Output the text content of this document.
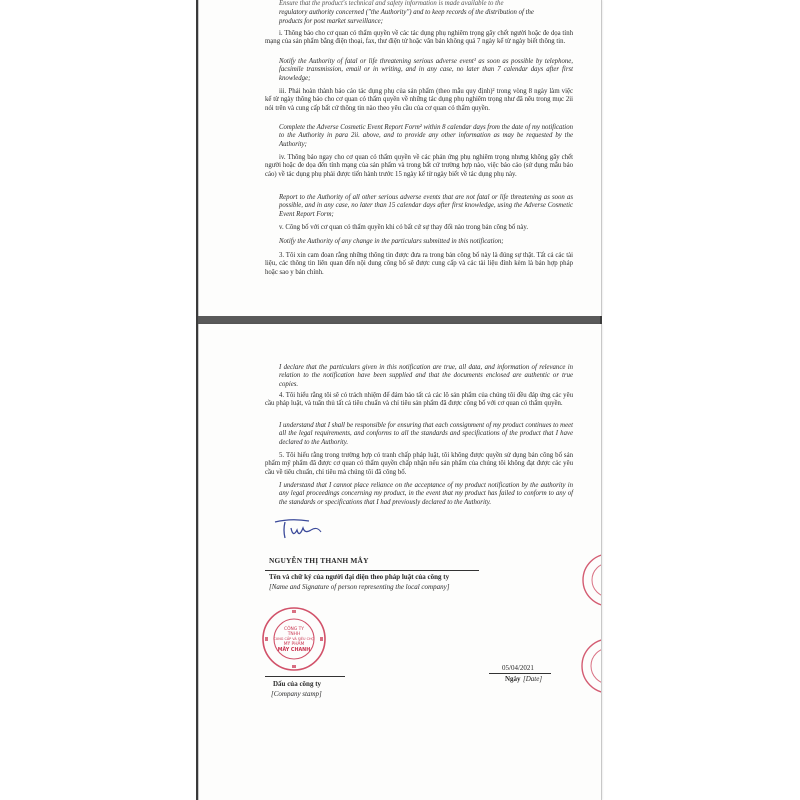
Ensure that the product's technical and safety information is made available to the

regulatory authority concerned ("the Authority") and to keep records of the distribution of the

products for post market surveillance;

i. Thông báo cho cơ quan có thẩm quyền về các tác dụng phụ nghiêm trọng gây chết người hoặc đe dọa tính mạng của sản phẩm bằng điện thoại, fax, thư điện tử hoặc văn bản không quá 7 ngày kể từ ngày biết thông tin.

Notify the Authority of fatal or life threatening serious adverse event¹ as soon as possible by telephone, facsimile transmission, email or in writing, and in any case, no later than 7 calendar days after first knowledge;

iii. Phải hoàn thành báo cáo tác dụng phụ của sản phẩm (theo mẫu quy định)² trong vòng 8 ngày làm việc kể từ ngày thông báo cho cơ quan có thẩm quyền về những tác dụng phụ nghiêm trọng như đã nêu trong mục 2ii nói trên và cung cấp bất cứ thông tin nào theo yêu cầu của cơ quan có thẩm quyền.

Complete the Adverse Cosmetic Event Report Form² within 8 calendar days from the date of my notification to the Authority in para 2ii. above, and to provide any other information as may be requested by the Authority;

iv. Thông báo ngay cho cơ quan có thẩm quyền về các phản ứng phụ nghiêm trọng nhưng không gây chết người hoặc đe dọa đến tính mạng của sản phẩm và trong bất cứ trường hợp nào, việc báo cáo (sử dụng mẫu báo cáo) về tác dụng phụ phải được tiến hành trước 15 ngày kể từ ngày biết về tác dụng phụ này.

Report to the Authority of all other serious adverse events that are not fatal or life threatening as soon as possible, and in any case, no later than 15 calendar days after first knowledge, using the Adverse Cosmetic Event Report Form;

v. Công bố với cơ quan có thẩm quyền khi có bất cứ sự thay đổi nào trong bản công bố này.

Notify the Authority of any change in the particulars submitted in this notification;

3. Tôi xin cam đoan rằng những thông tin được đưa ra trong bản công bố này là đúng sự thật. Tất cả các tài liệu, các thông tin liên quan đến nội dung công bố sẽ được cung cấp và các tài liệu đính kèm là bản hợp pháp hoặc sao y bản chính.

I declare that the particulars given in this notification are true, all data, and information of relevance in relation to the notification have been supplied and that the documents enclosed are authentic or true copies.

4. Tôi hiểu rằng tôi sẽ có trách nhiệm để đảm bảo tất cả các lô sản phẩm của chúng tôi đều đáp ứng các yêu cầu pháp luật, và tuân thủ tất cả tiêu chuẩn và chỉ tiêu sản phẩm đã được công bố với cơ quan có thẩm quyền.

I understand that I shall be responsible for ensuring that each consignment of my product continues to meet all the legal requirements, and conforms to all the standards and specifications of the product that I have declared to the Authority.

5. Tôi hiểu rằng trong trường hợp có tranh chấp pháp luật, tôi không được quyền sử dụng bản công bố sản phẩm mỹ phẩm đã được cơ quan có thẩm quyền chấp nhận nếu sản phẩm của chúng tôi không đạt được các yêu cầu về tiêu chuẩn, chỉ tiêu mà chúng tôi đã công bố.

I understand that I cannot place reliance on the acceptance of my product notification by the authority in any legal proceedings concerning my product, in the event that my product has failed to conform to any of the standards or specifications that I had previously declared to the Authority.

NGUYỄN THỊ THANH MÂY
Tên và chữ ký của người đại diện theo pháp luật của công ty
[Name and Signature of person representing the local company]
CÔNG TY
TNHH
CUNG CẤP VÀ SIÊU CHỢ
MỸ PHẨM
MÂY CHANH
Dấu của công ty
[Company stamp]
05/04/2021
Ngày [Date]
